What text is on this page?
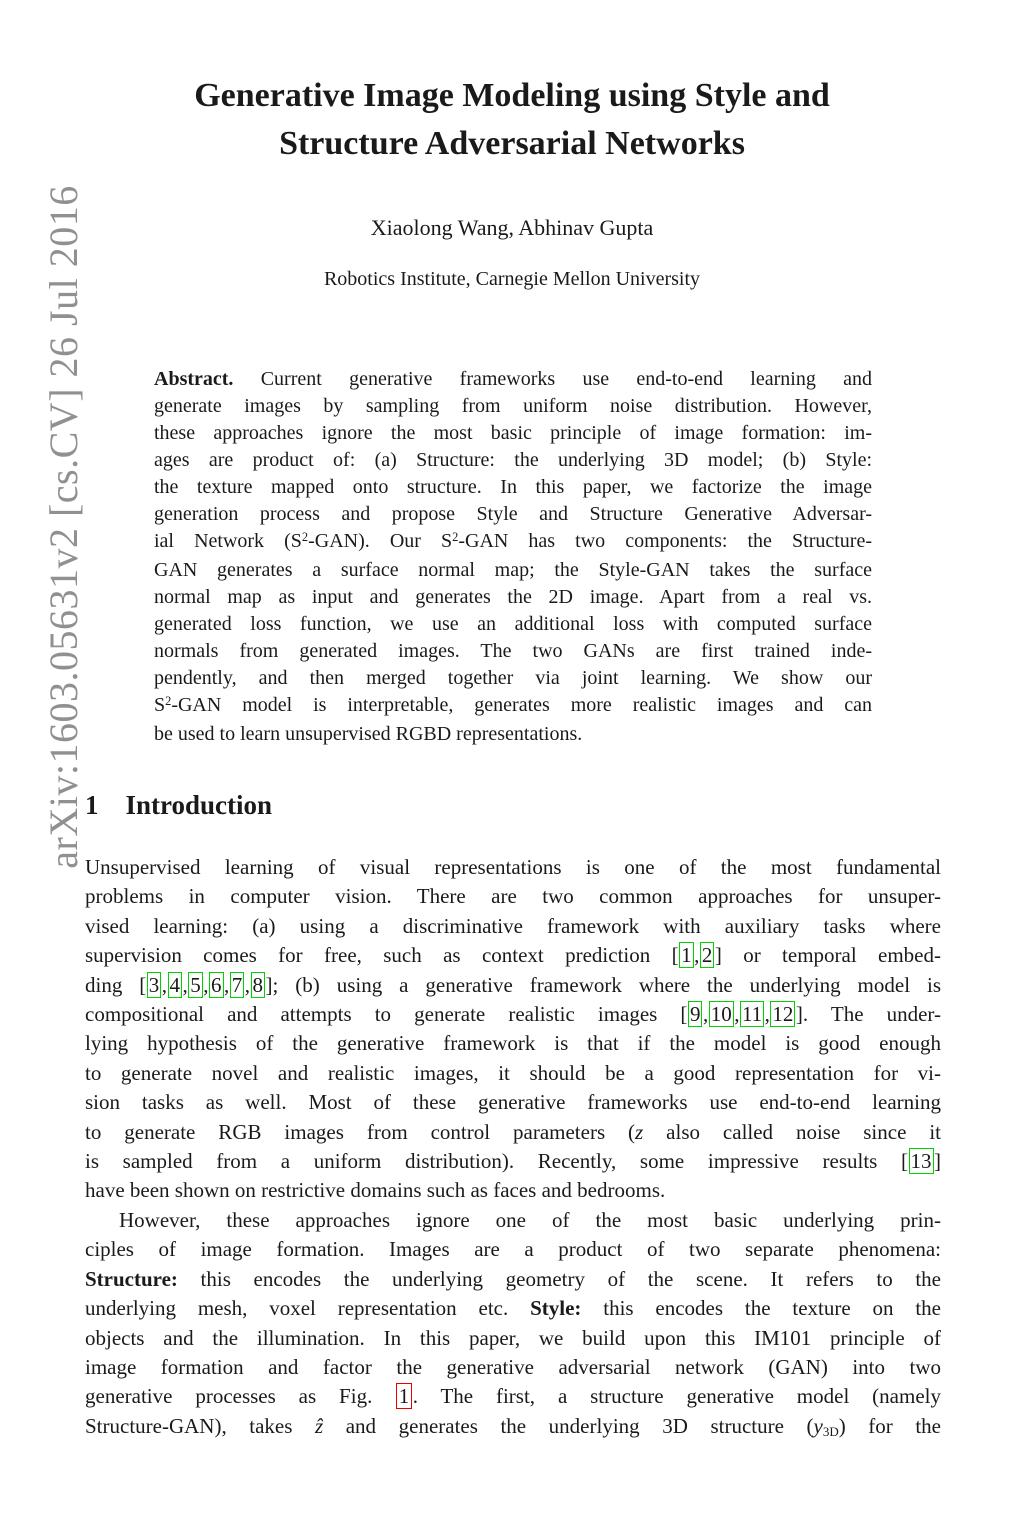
arXiv:1603.05631v2 [cs.CV] 26 Jul 2016
Generative Image Modeling using Style and
Structure Adversarial Networks
Xiaolong Wang, Abhinav Gupta
Robotics Institute, Carnegie Mellon University
Abstract. Current generative frameworks use end-to-end learning and
generate images by sampling from uniform noise distribution. However,
these approaches ignore the most basic principle of image formation: im-
ages are product of: (a) Structure: the underlying 3D model; (b) Style:
the texture mapped onto structure. In this paper, we factorize the image
generation process and propose Style and Structure Generative Adversar-
ial Network $(S^2-GAN)$. Our $S^2$-GAN has two components: the Structure-
GAN generates a surface normal map; the Style-GAN takes the surface
normal map as input and generates the 2D image. Apart from a real vs.
generated loss function, we use an additional loss with computed surface
normals from generated images. The two GANs are first trained inde-
pendently, and then merged together via joint learning. We show our
$S^2$-GAN model is interpretable, generates more realistic images and can
be used to learn unsupervised RGBD representations.
1 Introduction
Unsupervised learning of visual representations is one of the most fundamental
problems in computer vision. There are two common approaches for unsuper-
vised learning: (a) using a discriminative framework with auxiliary tasks where
supervision comes for free, such as context prediction [ 1 , 2 ] or temporal embed-
ding [ 3 , 4 , 5 , 6 , 7 , 8 ]; (b) using a generative framework where the underlying model is
compositional and attempts to generate realistic images [ 9 , 10 , 11 , 12 ]. The under-
lying hypothesis of the generative framework is that if the model is good enough
to generate novel and realistic images, it should be a good representation for vi-
sion tasks as well. Most of these generative frameworks use end-to-end learning
to generate RGB images from control parameters (z also called noise since it
is sampled from a uniform distribution). Recently, some impressive results [ 13 ]
have been shown on restrictive domains such as faces and bedrooms.
However, these approaches ignore one of the most basic underlying prin-
ciples of image formation. Images are a product of two separate phenomena:
Structure: this encodes the underlying geometry of the scene. It refers to the
underlying mesh, voxel representation etc. Style: this encodes the texture on the
objects and the illumination. In this paper, we build upon this IM101 principle of
image formation and factor the generative adversarial network (GAN) into two
generative processes as Fig. 1 . The first, a structure generative model (namely
Structure-GAN), takes ẑ and generates the underlying 3D structure (y3D) for the
